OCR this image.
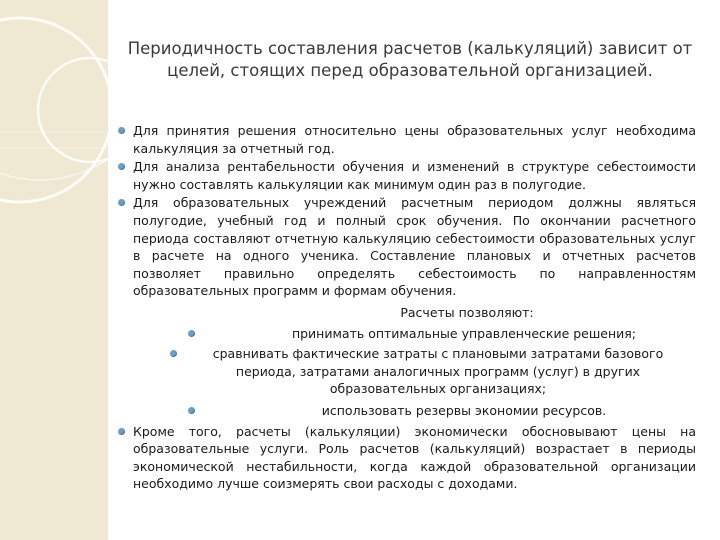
Периодичность составления расчетов (калькуляций) зависит от целей, стоящих перед образовательной организацией.
Для принятия решения относительно цены образовательных услуг необходима калькуляция за отчетный год.
Для анализа рентабельности обучения и изменений в структуре себестоимости нужно составлять калькуляции как минимум один раз в полугодие.
Для образовательных учреждений расчетным периодом должны являться полугодие, учебный год и полный срок обучения. По окончании расчетного периода составляют отчетную калькуляцию себестоимости образовательных услуг в расчете на одного ученика. Составление плановых и отчетных расчетов позволяет правильно определять себестоимость по направленностям образовательных программ и формам обучения.
Расчеты позволяют:
принимать оптимальные управленческие решения;
сравнивать фактические затраты с плановыми затратами базового периода, затратами аналогичных программ (услуг) в других образовательных организациях;
использовать резервы экономии ресурсов.
Кроме того, расчеты (калькуляции) экономически обосновывают цены на образовательные услуги. Роль расчетов (калькуляций) возрастает в периоды экономической нестабильности, когда каждой образовательной организации необходимо лучше соизмерять свои расходы с доходами.
